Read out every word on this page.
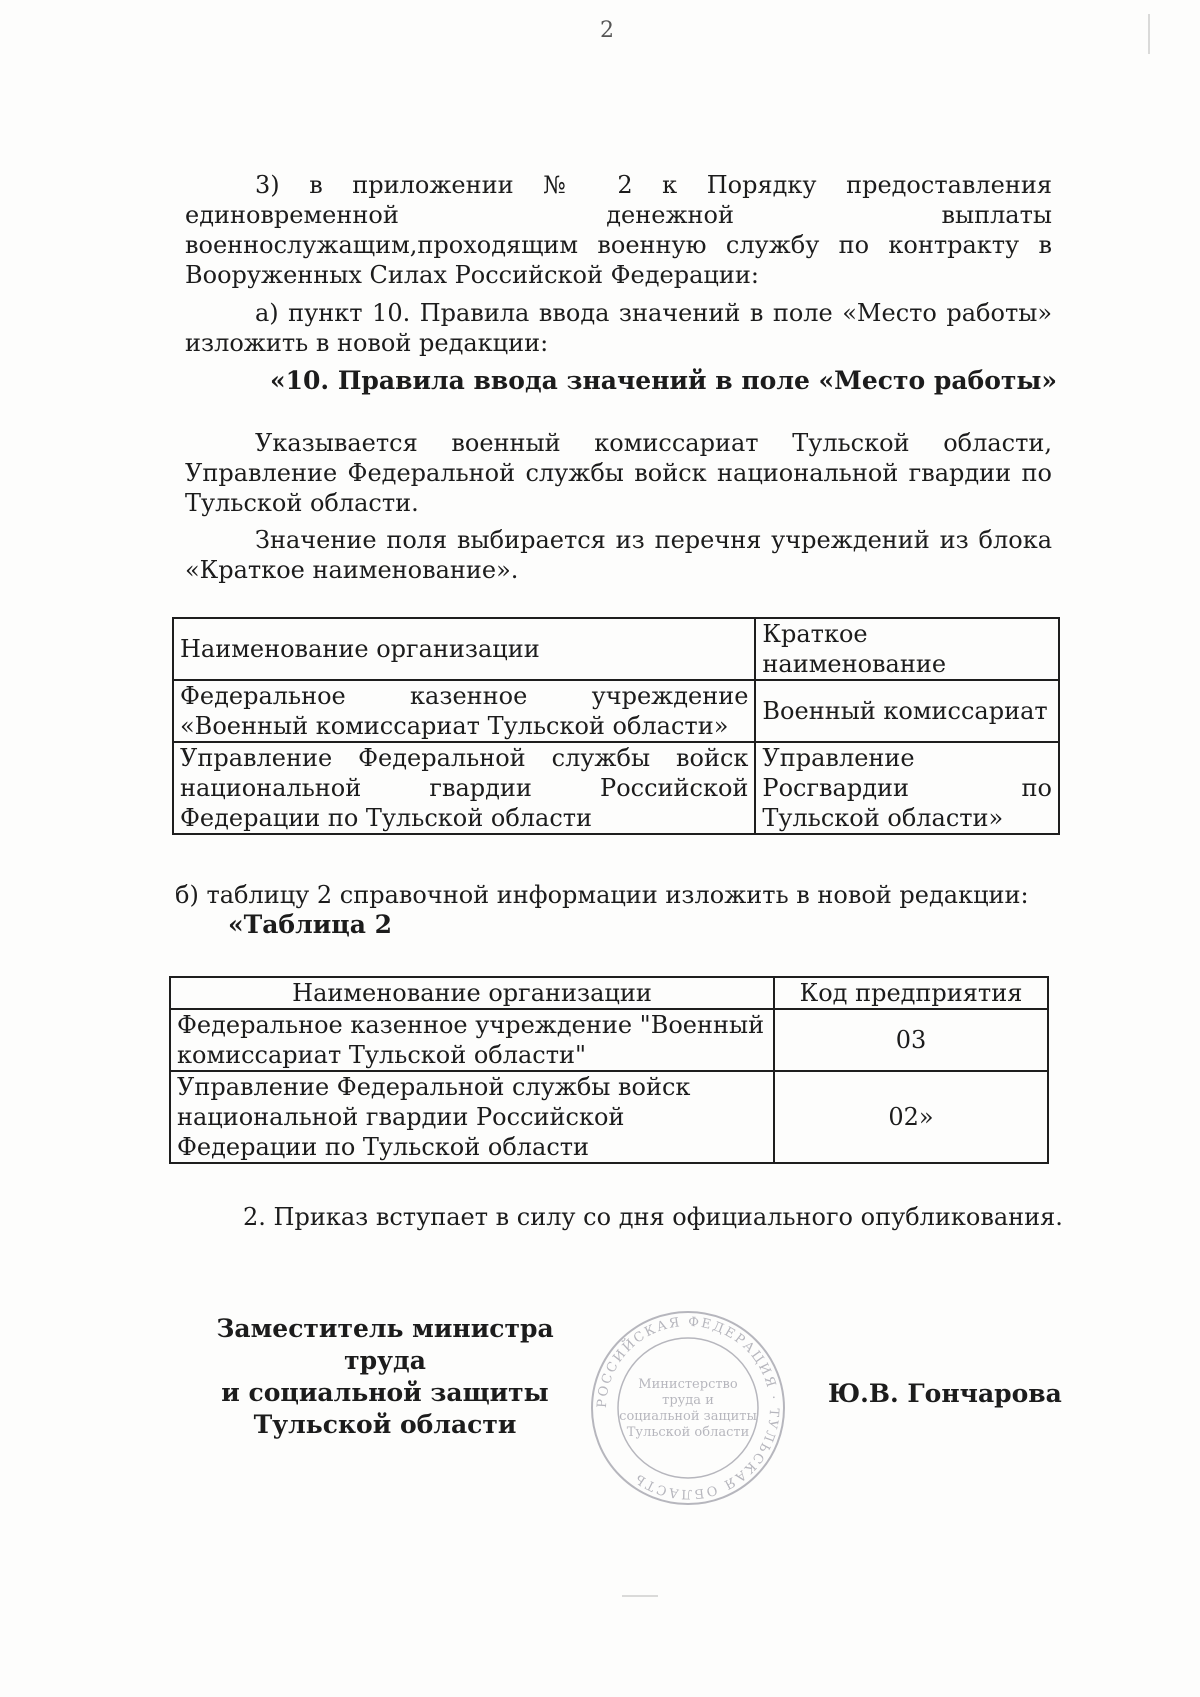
2

3) в приложении № 2 к Порядку предоставления единовременной денежной выплаты военнослужащим,проходящим военную службу по контракту в Вооруженных Силах Российской Федерации:

а) пункт 10. Правила ввода значений в поле «Место работы» изложить в новой редакции:

«10. Правила ввода значений в поле «Место работы»

Указывается военный комиссариат Тульской области, Управление Федеральной службы войск национальной гвардии по Тульской области.

Значение поля выбирается из перечня учреждений из блока «Краткое наименование».

Наименование организации	Краткое наименование
Федеральное казенное учреждение «Военный комиссариат Тульской области»	Военный комиссариат
Управление Федеральной службы войск национальной гвардии Российской Федерации по Тульской области	Управление Росгвардии по Тульской области»

б) таблицу 2 справочной информации изложить в новой редакции:

«Таблица 2

Наименование организации	Код предприятия
Федеральное казенное учреждение "Военный комиссариат Тульской области"	03
Управление Федеральной службы войск национальной гвардии Российской Федерации по Тульской области	02»

2. Приказ вступает в силу со дня официального опубликования.

Заместитель министра труда
и социальной защиты
Тульской области
Ю.В. Гончарова
РОССИЙСКАЯ ФЕДЕРАЦИЯ · ТУЛЬСКАЯ ОБЛАСТЬ
Министерство
труда и
социальной защиты
Тульской области
